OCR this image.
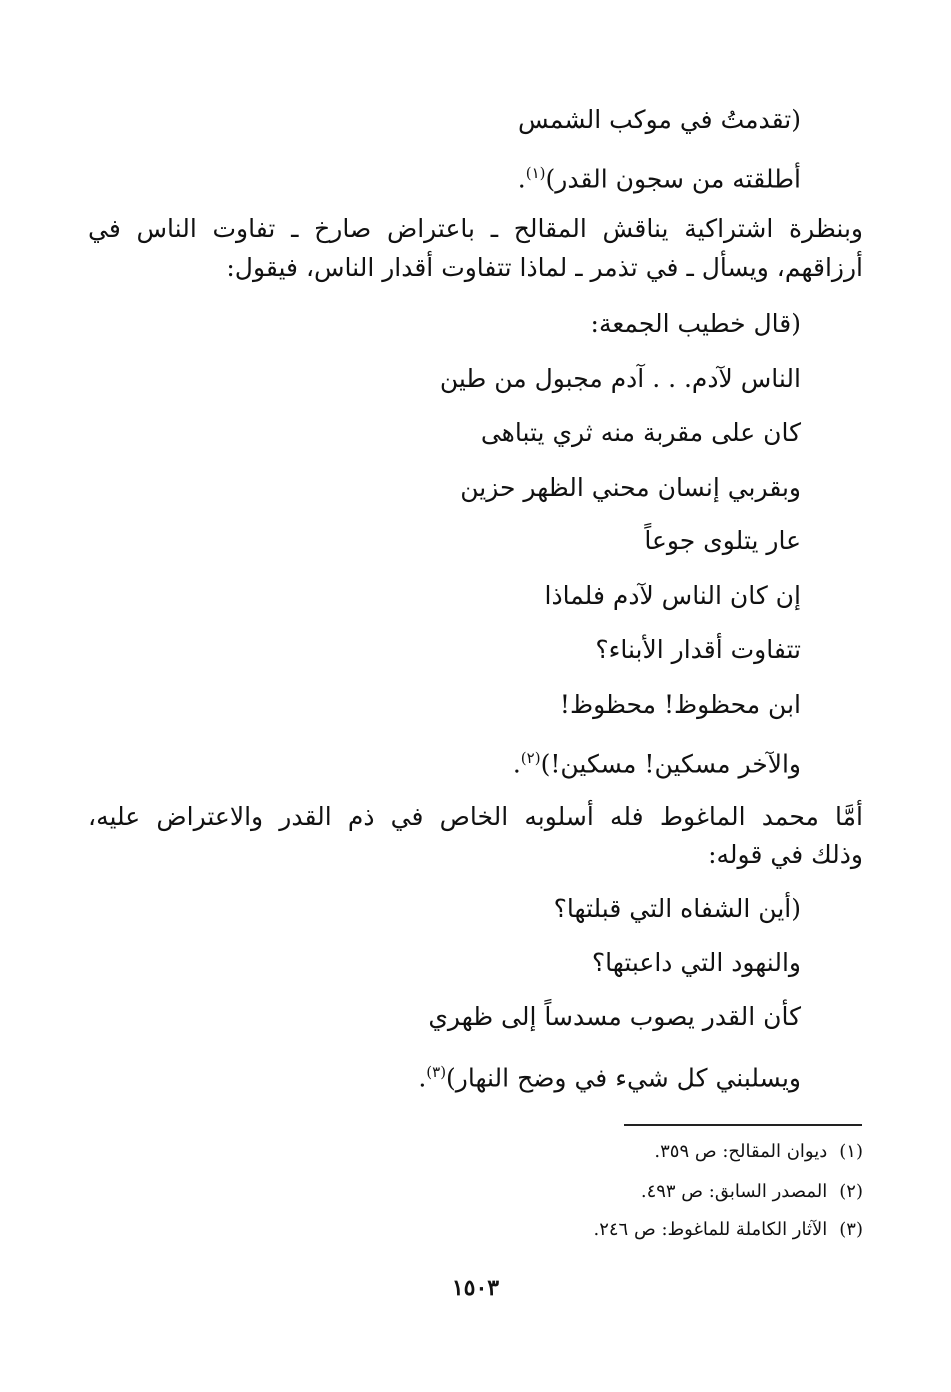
(تقدمتُ في موكب الشمس
أطلقته من سجون القدر)$^{(١)}$.
وبنظرة اشتراكية يناقش المقالح ـ باعتراض صارخ ـ تفاوت الناس في
أرزاقهم، ويسأل ـ في تذمر ـ لماذا تتفاوت أقدار الناس، فيقول:
(قال خطيب الجمعة:
الناس لآدم. . . آدم مجبول من طين
كان على مقربة منه ثري يتباهى
وبقربي إنسان محني الظهر حزين
عار يتلوى جوعاً
إن كان الناس لآدم فلماذا
تتفاوت أقدار الأبناء؟
ابن محظوظ! محظوظ!
والآخر مسكين! مسكين!)$^{(٢)}$.
أمَّا محمد الماغوط فله أسلوبه الخاص في ذم القدر والاعتراض عليه،
وذلك في قوله:
(أين الشفاه التي قبلتها؟
والنهود التي داعبتها؟
كأن القدر يصوب مسدساً إلى ظهري
ويسلبني كل شيء في وضح النهار)$^{(٣)}$.
(١)ديوان المقالح: ص ٣٥٩.
(٢)المصدر السابق: ص ٤٩٣.
(٣)الآثار الكاملة للماغوط: ص ٢٤٦.
١٥٠٣
